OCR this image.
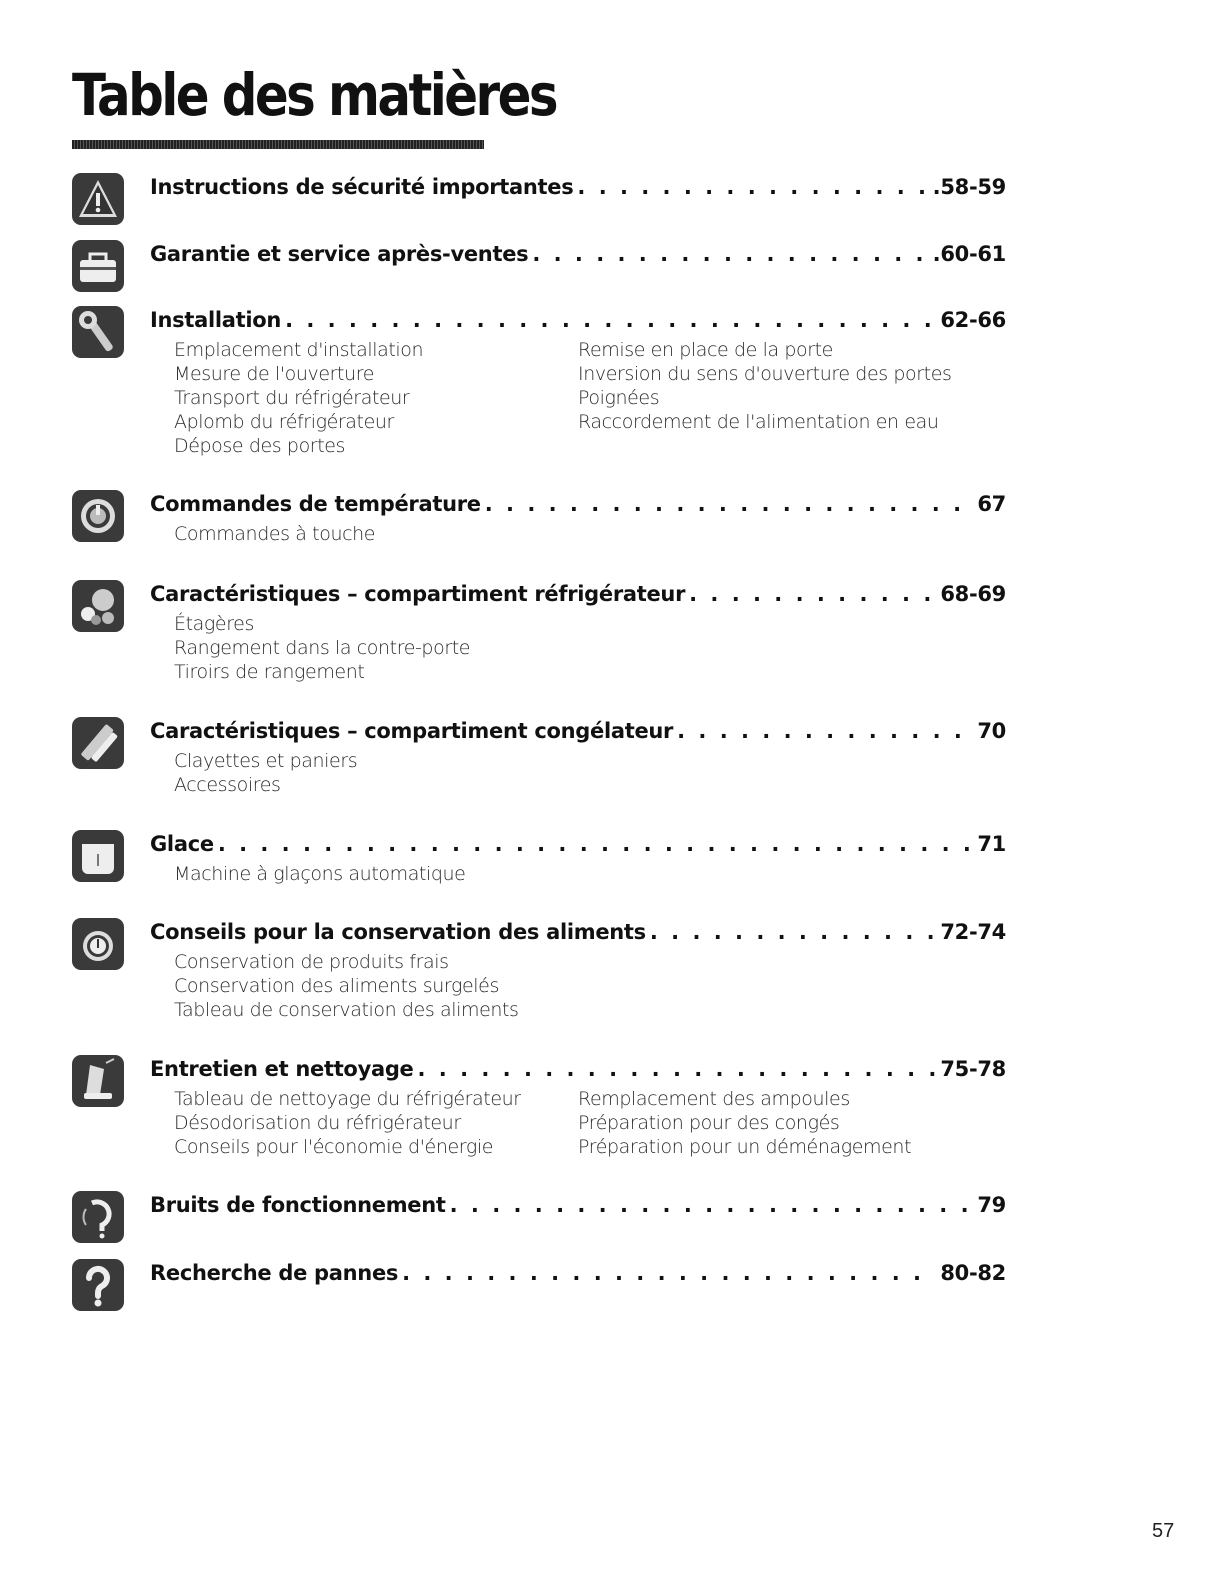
Table des matières
Instructions de sécurité importantes . . .	.58-59
Garantie et service après-ventes . . .	.60-61
Installation . . .	62-66
Emplacement d'installation	Remise en place de la porte
Mesure de l'ouverture	Inversion du sens d'ouverture des portes
Transport du réfrigérateur	Poignées
Aplomb du réfrigérateur	Raccordement de l'alimentation en eau
Dépose des portes
Commandes de température . . .	67
Commandes à touche
Caractéristiques – compartiment réfrigérateur . . .	68-69
Étagères
Rangement dans la contre-porte
Tiroirs de rangement
Caractéristiques – compartiment congélateur . . .	70
Clayettes et paniers
Accessoires
Glace . . .	71
Machine à glaçons automatique
Conseils pour la conservation des aliments . . .	72-74
Conservation de produits frais
Conservation des aliments surgelés
Tableau de conservation des aliments
Entretien et nettoyage . . .	75-78
Tableau de nettoyage du réfrigérateur	Remplacement des ampoules
Désodorisation du réfrigérateur	Préparation pour des congés
Conseils pour l'économie d'énergie	Préparation pour un déménagement
Bruits de fonctionnement . . .	79
Recherche de pannes . . .	80-82
57
